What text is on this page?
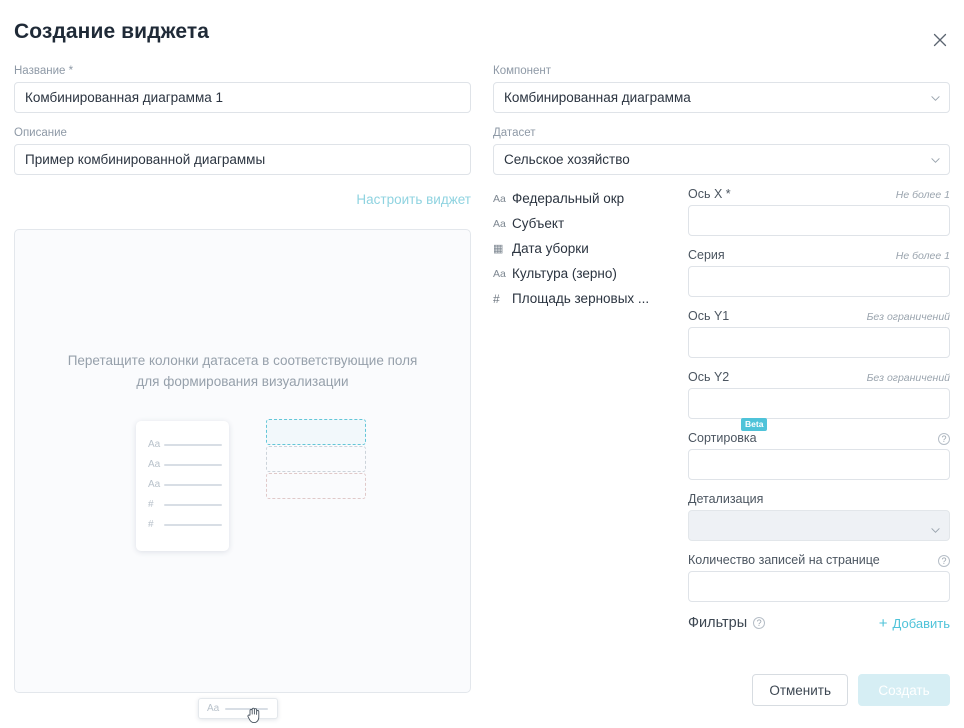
Создание виджета
Название *
Комбинированная диаграмма 1
Описание
Пример комбинированной диаграммы
Настроить виджет
Перетащите колонки датасета в соответствующие поля
для формирования визуализации
Aa
Aa
Aa
#
#
Aa
Компонент
Комбинированная диаграмма
Датасет
Сельское хозяйство
Aa Федеральный окр
Aa Субъект
▦ Дата уборки
Aa Культура (зерно)
# Площадь зерновых ...
Ось X *	Не более 1
Серия	Не более 1
Ось Y1	Без ограничений
Ось Y2	Без ограничений
Сортировка
Beta
?
Детализация
Количество записей на странице	?
Фильтры	?	+ Добавить
Отменить	Создать
